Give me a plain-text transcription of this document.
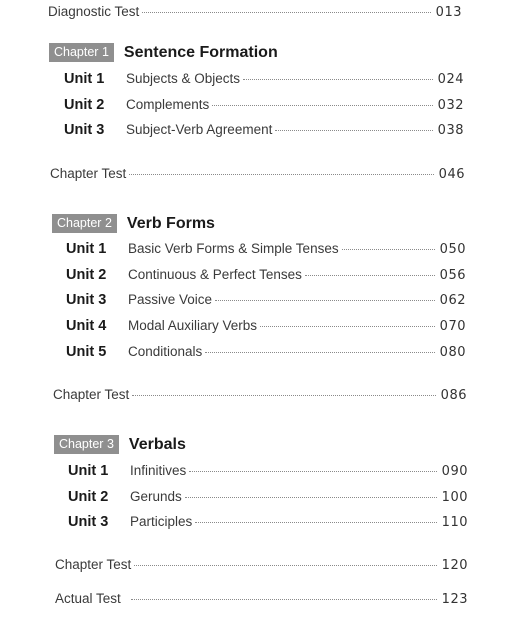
Diagnostic Test	013
Chapter 1 Sentence Formation
Unit 1	Subjects & Objects	024
Unit 2	Complements	032
Unit 3	Subject-Verb Agreement	038
Chapter Test	046
Chapter 2 Verb Forms
Unit 1	Basic Verb Forms & Simple Tenses	050
Unit 2	Continuous & Perfect Tenses	056
Unit 3	Passive Voice	062
Unit 4	Modal Auxiliary Verbs	070
Unit 5	Conditionals	080
Chapter Test	086
Chapter 3 Verbals
Unit 1	Infinitives	090
Unit 2	Gerunds	100
Unit 3	Participles	110
Chapter Test	120
Actual Test	123
